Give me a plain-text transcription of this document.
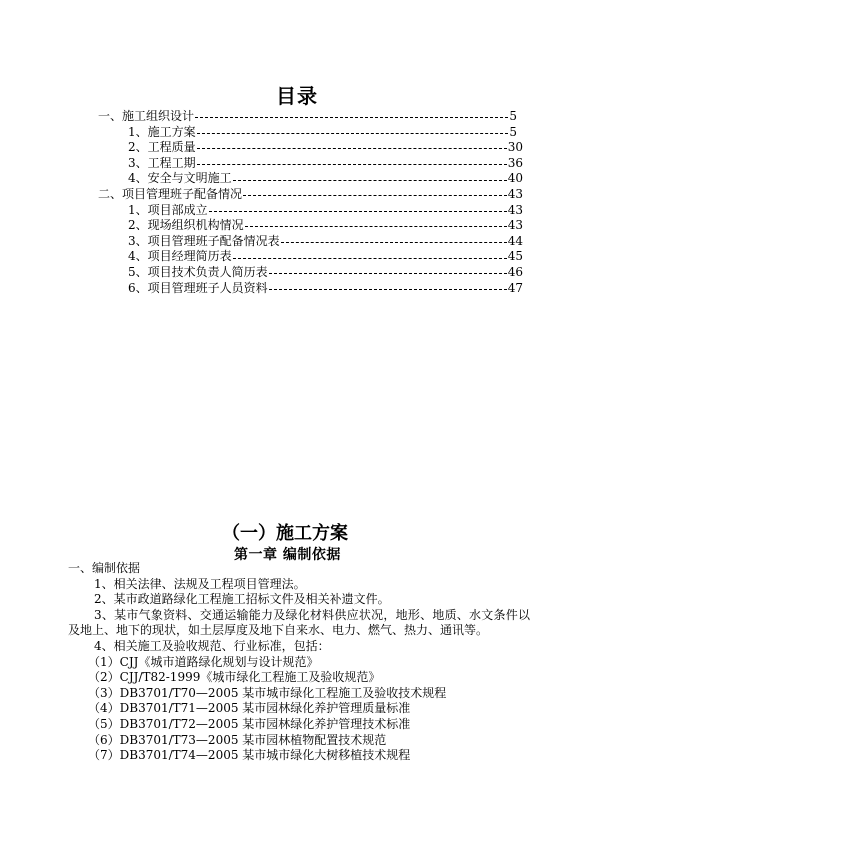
目录
一、施工组织设计	5
1、施工方案	5
2、工程质量	30
3、工程工期	36
4、安全与文明施工	40
二、项目管理班子配备情况	43
1、项目部成立	43
2、现场组织机构情况	43
3、项目管理班子配备情况表	44
4、项目经理简历表	45
5、项目技术负责人简历表	46
6、项目管理班子人员资料	47
（一）施工方案
第一章 编制依据
一、编制依据
1、相关法律、法规及工程项目管理法。
2、某市政道路绿化工程施工招标文件及相关补遗文件。
3、某市气象资料、交通运输能力及绿化材料供应状况，地形、地质、水文条件以及地上、地下的现状，如土层厚度及地下自来水、电力、燃气、热力、通讯等。
4、相关施工及验收规范、行业标准，包括：
（1）CJJ《城市道路绿化规划与设计规范》
（2）CJJ/T82-1999《城市绿化工程施工及验收规范》
（3）DB3701/T70—2005 某市城市绿化工程施工及验收技术规程
（4）DB3701/T71—2005 某市园林绿化养护管理质量标准
（5）DB3701/T72—2005 某市园林绿化养护管理技术标准
（6）DB3701/T73—2005 某市园林植物配置技术规范
（7）DB3701/T74—2005 某市城市绿化大树移植技术规程
